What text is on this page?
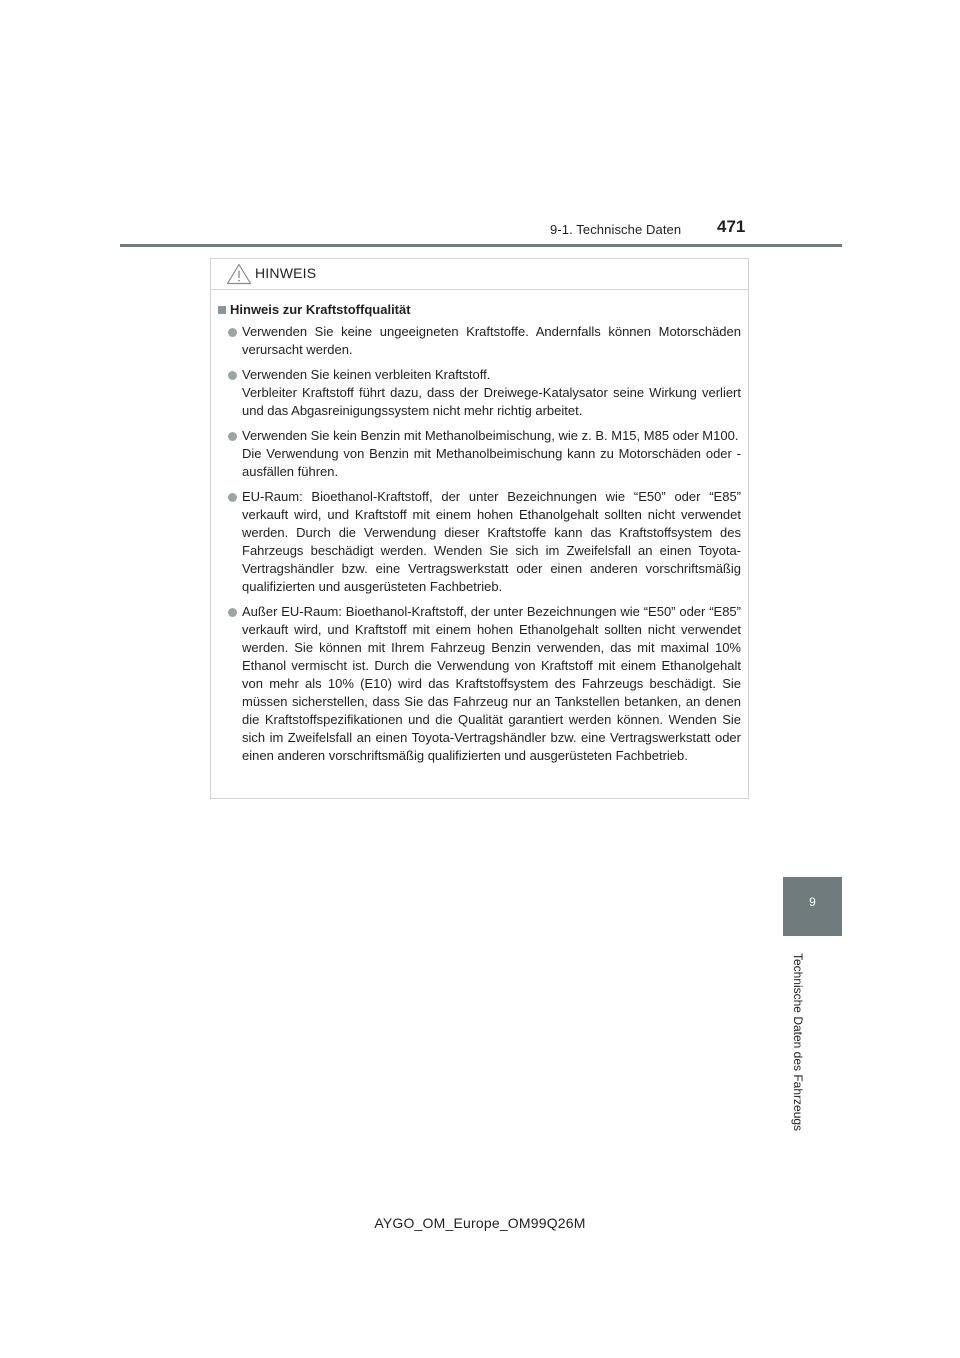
9-1. Technische Daten 471
9
Technische Daten des Fahrzeugs
HINWEIS
Hinweis zur Kraftstoffqualität

Verwenden Sie keine ungeeigneten Kraftstoffe. Andernfalls können Motorschäden verursacht werden.

Verwenden Sie keinen verbleiten Kraftstoff.

Verbleiter Kraftstoff führt dazu, dass der Dreiwege-Katalysator seine Wirkung verliert und das Abgasreinigungssystem nicht mehr richtig arbeitet.

Verwenden Sie kein Benzin mit Methanolbeimischung, wie z. B. M15, M85 oder M100.

Die Verwendung von Benzin mit Methanolbeimischung kann zu Motorschäden oder -ausfällen führen.

EU-Raum: Bioethanol-Kraftstoff, der unter Bezeichnungen wie “E50” oder “E85” verkauft wird, und Kraftstoff mit einem hohen Ethanolgehalt sollten nicht verwendet werden. Durch die Verwendung dieser Kraftstoffe kann das Kraftstoffsystem des Fahrzeugs beschädigt werden. Wenden Sie sich im Zweifelsfall an einen Toyota-Vertragshändler bzw. eine Vertragswerkstatt oder einen anderen vorschriftsmäßig qualifizierten und ausgerüsteten Fachbetrieb.

Außer EU-Raum: Bioethanol-Kraftstoff, der unter Bezeichnungen wie “E50” oder “E85” verkauft wird, und Kraftstoff mit einem hohen Ethanolgehalt sollten nicht verwendet werden. Sie können mit Ihrem Fahrzeug Benzin verwenden, das mit maximal 10% Ethanol vermischt ist. Durch die Verwendung von Kraftstoff mit einem Ethanolgehalt von mehr als 10% (E10) wird das Kraftstoffsystem des Fahrzeugs beschädigt. Sie müssen sicherstellen, dass Sie das Fahrzeug nur an Tankstellen betanken, an denen die Kraftstoffspezifikationen und die Qualität garantiert werden können. Wenden Sie sich im Zweifelsfall an einen Toyota-Vertragshändler bzw. eine Vertragswerkstatt oder einen anderen vorschriftsmäßig qualifizierten und ausgerüsteten Fachbetrieb.

AYGO_OM_Europe_OM99Q26M
